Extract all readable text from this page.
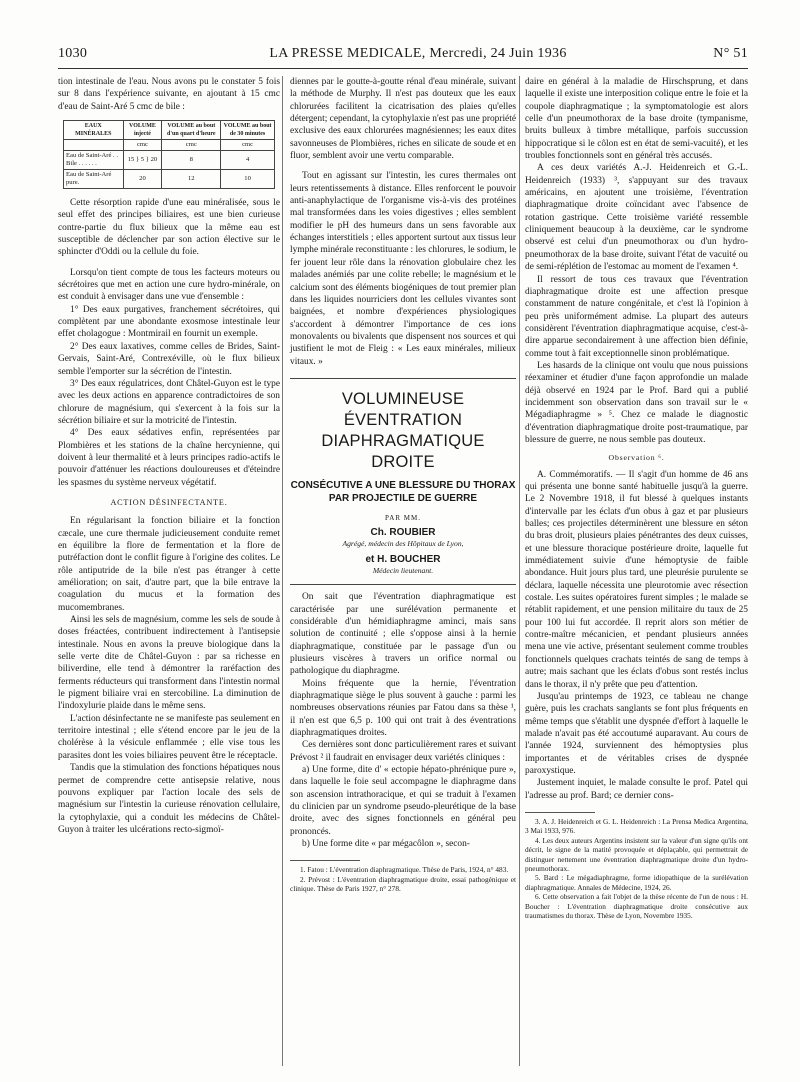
1030	LA PRESSE MEDICALE, Mercredi, 24 Juin 1936	N° 51

tion intestinale de l'eau. Nous avons pu le constater 5 fois sur 8 dans l'expérience suivante, en ajoutant à 15 cmc d'eau de Saint-Aré 5 cmc de bile :

EAUX MINÉRALES	VOLUME injecté	VOLUME au bout d'un quart d'heure	VOLUME au bout de 30 minutes
	cmc	cmc	cmc
Eau de Saint-Aré . . Bile . . . . . .	15 } 5 } 20	8	4
Eau de Saint-Aré pure.	20	12	10

Cette résorption rapide d'une eau minéralisée, sous le seul effet des principes biliaires, est une bien curieuse contre-partie du flux bilieux que la même eau est susceptible de déclencher par son action élective sur le sphincter d'Oddi ou la cellule du foie.

Lorsqu'on tient compte de tous les facteurs moteurs ou sécrétoires que met en action une cure hydro-minérale, on est conduit à envisager dans une vue d'ensemble :

1° Des eaux purgatives, franchement sécrétoires, qui complètent par une abondante exosmose intestinale leur effet cholagogue : Montmirail en fournit un exemple.

2° Des eaux laxatives, comme celles de Brides, Saint-Gervais, Saint-Aré, Contrexéville, où le flux bilieux semble l'emporter sur la sécrétion de l'intestin.

3° Des eaux régulatrices, dont Châtel-Guyon est le type avec les deux actions en apparence contradictoires de son chlorure de magnésium, qui s'exercent à la fois sur la sécrétion biliaire et sur la motricité de l'intestin.

4° Des eaux sédatives enfin, représentées par Plombières et les stations de la chaîne hercynienne, qui doivent à leur thermalité et à leurs principes radio-actifs le pouvoir d'atténuer les réactions douloureuses et d'éteindre les spasmes du système nerveux végétatif.

ACTION DÉSINFECTANTE.

En régularisant la fonction biliaire et la fonction cæcale, une cure thermale judicieusement conduite remet en équilibre la flore de fermentation et la flore de putréfaction dont le conflit figure à l'origine des colites. Le rôle antiputride de la bile n'est pas étranger à cette amélioration; on sait, d'autre part, que la bile entrave la coagulation du mucus et la formation des mucomembranes.

Ainsi les sels de magnésium, comme les sels de soude à doses fréactées, contribuent indirectement à l'antisepsie intestinale. Nous en avons la preuve biologique dans la selle verte dite de Châtel-Guyon : par sa richesse en biliverdine, elle tend à démontrer la raréfaction des ferments réducteurs qui transforment dans l'intestin normal le pigment biliaire vrai en stercobiline. La diminution de l'indoxylurie plaide dans le même sens.

L'action désinfectante ne se manifeste pas seulement en territoire intestinal ; elle s'étend encore par le jeu de la cholérèse à la vésicule enflammée ; elle vise tous les parasites dont les voies biliaires peuvent être le réceptacle.

Tandis que la stimulation des fonctions hépatiques nous permet de comprendre cette antisepsie relative, nous pouvons expliquer par l'action locale des sels de magnésium sur l'intestin la curieuse rénovation cellulaire, la cytophylaxie, qui a conduit les médecins de Châtel-Guyon à traiter les ulcérations recto-sigmoï-

diennes par le goutte-à-goutte rénal d'eau minérale, suivant la méthode de Murphy. Il n'est pas douteux que les eaux chlorurées facilitent la cicatrisation des plaies qu'elles détergent; cependant, la cytophylaxie n'est pas une propriété exclusive des eaux chlorurées magnésiennes; les eaux dites savonneuses de Plombières, riches en silicate de soude et en fluor, semblent avoir une vertu comparable.

Tout en agissant sur l'intestin, les cures thermales ont leurs retentissements à distance. Elles renforcent le pouvoir anti-anaphylactique de l'organisme vis-à-vis des protéines mal transformées dans les voies digestives ; elles semblent modifier le pH des humeurs dans un sens favorable aux échanges interstitiels ; elles apportent surtout aux tissus leur lymphe minérale reconstituante : les chlorures, le sodium, le fer jouent leur rôle dans la rénovation globulaire chez les malades anémiés par une colite rebelle; le magnésium et le calcium sont des éléments biogéniques de tout premier plan dans les liquides nourriciers dont les cellules vivantes sont baignées, et nombre d'expériences physiologiques s'accordent à démontrer l'importance de ces ions monovalents ou bivalents que dispensent nos sources et qui justifient le mot de Fleig : « Les eaux minérales, milieux vitaux. »

VOLUMINEUSE ÉVENTRATION DIAPHRAGMATIQUE DROITE
CONSÉCUTIVE A UNE BLESSURE DU THORAX PAR PROJECTILE DE GUERRE
PAR MM.
Ch. ROUBIER
Agrégé, médecin des Hôpitaux de Lyon,
et H. BOUCHER
Médecin lieutenant.

On sait que l'éventration diaphragmatique est caractérisée par une surélévation permanente et considérable d'un hémidiaphragme aminci, mais sans solution de continuité ; elle s'oppose ainsi à la hernie diaphragmatique, constituée par le passage d'un ou plusieurs viscères à travers un orifice normal ou pathologique du diaphragme.

Moins fréquente que la hernie, l'éventration diaphragmatique siège le plus souvent à gauche : parmi les nombreuses observations réunies par Fatou dans sa thèse ¹, il n'en est que 6,5 p. 100 qui ont trait à des éventrations diaphragmatiques droites.

Ces dernières sont donc particulièrement rares et suivant Prévost ² il faudrait en envisager deux variétés cliniques :

a) Une forme, dite d' « ectopie hépato-phrénique pure », dans laquelle le foie seul accompagne le diaphragme dans son ascension intrathoracique, et qui se traduit à l'examen du clinicien par un syndrome pseudo-pleurétique de la base droite, avec des signes fonctionnels en général peu prononcés.

b) Une forme dite « par mégacôlon », secon-

1. Fatou : L'éventration diaphragmatique. Thèse de Paris, 1924, n° 483.

2. Prévost : L'éventration diaphragmatique droite, essai pathogénique et clinique. Thèse de Paris 1927, n° 278.

daire en général à la maladie de Hirschsprung, et dans laquelle il existe une interposition colique entre le foie et la coupole diaphragmatique ; la symptomatologie est alors celle d'un pneumothorax de la base droite (tympanisme, bruits bulleux à timbre métallique, parfois succussion hippocratique si le côlon est en état de semi-vacuité), et les troubles fonctionnels sont en général très accusés.

A ces deux variétés A.-J. Heidenreich et G.-L. Heidenreich (1933) ³, s'appuyant sur des travaux américains, en ajoutent une troisième, l'éventration diaphragmatique droite coïncidant avec l'absence de rotation gastrique. Cette troisième variété ressemble cliniquement beaucoup à la deuxième, car le syndrome observé est celui d'un pneumothorax ou d'un hydro-pneumothorax de la base droite, suivant l'état de vacuité ou de semi-réplétion de l'estomac au moment de l'examen ⁴.

Il ressort de tous ces travaux que l'éventration diaphragmatique droite est une affection presque constamment de nature congénitale, et c'est là l'opinion à peu près uniformément admise. La plupart des auteurs considèrent l'éventration diaphragmatique acquise, c'est-à-dire apparue secondairement à une affection bien définie, comme tout à fait exceptionnelle sinon problématique.

Les hasards de la clinique ont voulu que nous puissions réexaminer et étudier d'une façon approfondie un malade déjà observé en 1924 par le Prof. Bard qui a publié incidemment son observation dans son travail sur le « Mégadiaphragme » ⁵. Chez ce malade le diagnostic d'éventration diaphragmatique droite post-traumatique, par blessure de guerre, ne nous semble pas douteux.

Observation ⁶.

A. Commémoratifs. — Il s'agit d'un homme de 46 ans qui présenta une bonne santé habituelle jusqu'à la guerre. Le 2 Novembre 1918, il fut blessé à quelques instants d'intervalle par les éclats d'un obus à gaz et par plusieurs balles; ces projectiles déterminèrent une blessure en séton du bras droit, plusieurs plaies pénétrantes des deux cuisses, et une blessure thoracique postérieure droite, laquelle fut immédiatement suivie d'une hémoptysie de faible abondance. Huit jours plus tard, une pleurésie purulente se déclara, laquelle nécessita une pleurotomie avec résection costale. Les suites opératoires furent simples ; le malade se rétablit rapidement, et une pension militaire du taux de 25 pour 100 lui fut accordée. Il reprit alors son métier de contre-maître mécanicien, et pendant plusieurs années mena une vie active, présentant seulement comme troubles fonctionnels quelques crachats teintés de sang de temps à autre; mais sachant que les éclats d'obus sont restés inclus dans le thorax, il n'y prête que peu d'attention.

Jusqu'au printemps de 1923, ce tableau ne change guère, puis les crachats sanglants se font plus fréquents en même temps que s'établit une dyspnée d'effort à laquelle le malade n'avait pas été accoutumé auparavant. Au cours de l'année 1924, surviennent des hémoptysies plus importantes et de véritables crises de dyspnée paroxystique.

Justement inquiet, le malade consulte le prof. Patel qui l'adresse au prof. Bard; ce dernier cons-

3. A. J. Heidenreich et G. L. Heidenreich : La Prensa Medica Argentina, 3 Mai 1933, 976.

4. Les deux auteurs Argentins insistent sur la valeur d'un signe qu'ils ont décrit, le signe de la matité provoquée et déplaçable, qui permettrait de distinguer nettement une éventration diaphragmatique droite d'un hydro-pneumothorax.

5. Bard : Le mégadiaphragme, forme idiopathique de la surélévation diaphragmatique. Annales de Médecine, 1924, 26.

6. Cette observation a fait l'objet de la thèse récente de l'un de nous : H. Boucher : L'éventration diaphragmatique droite consécutive aux traumatismes du thorax. Thèse de Lyon, Novembre 1935.
